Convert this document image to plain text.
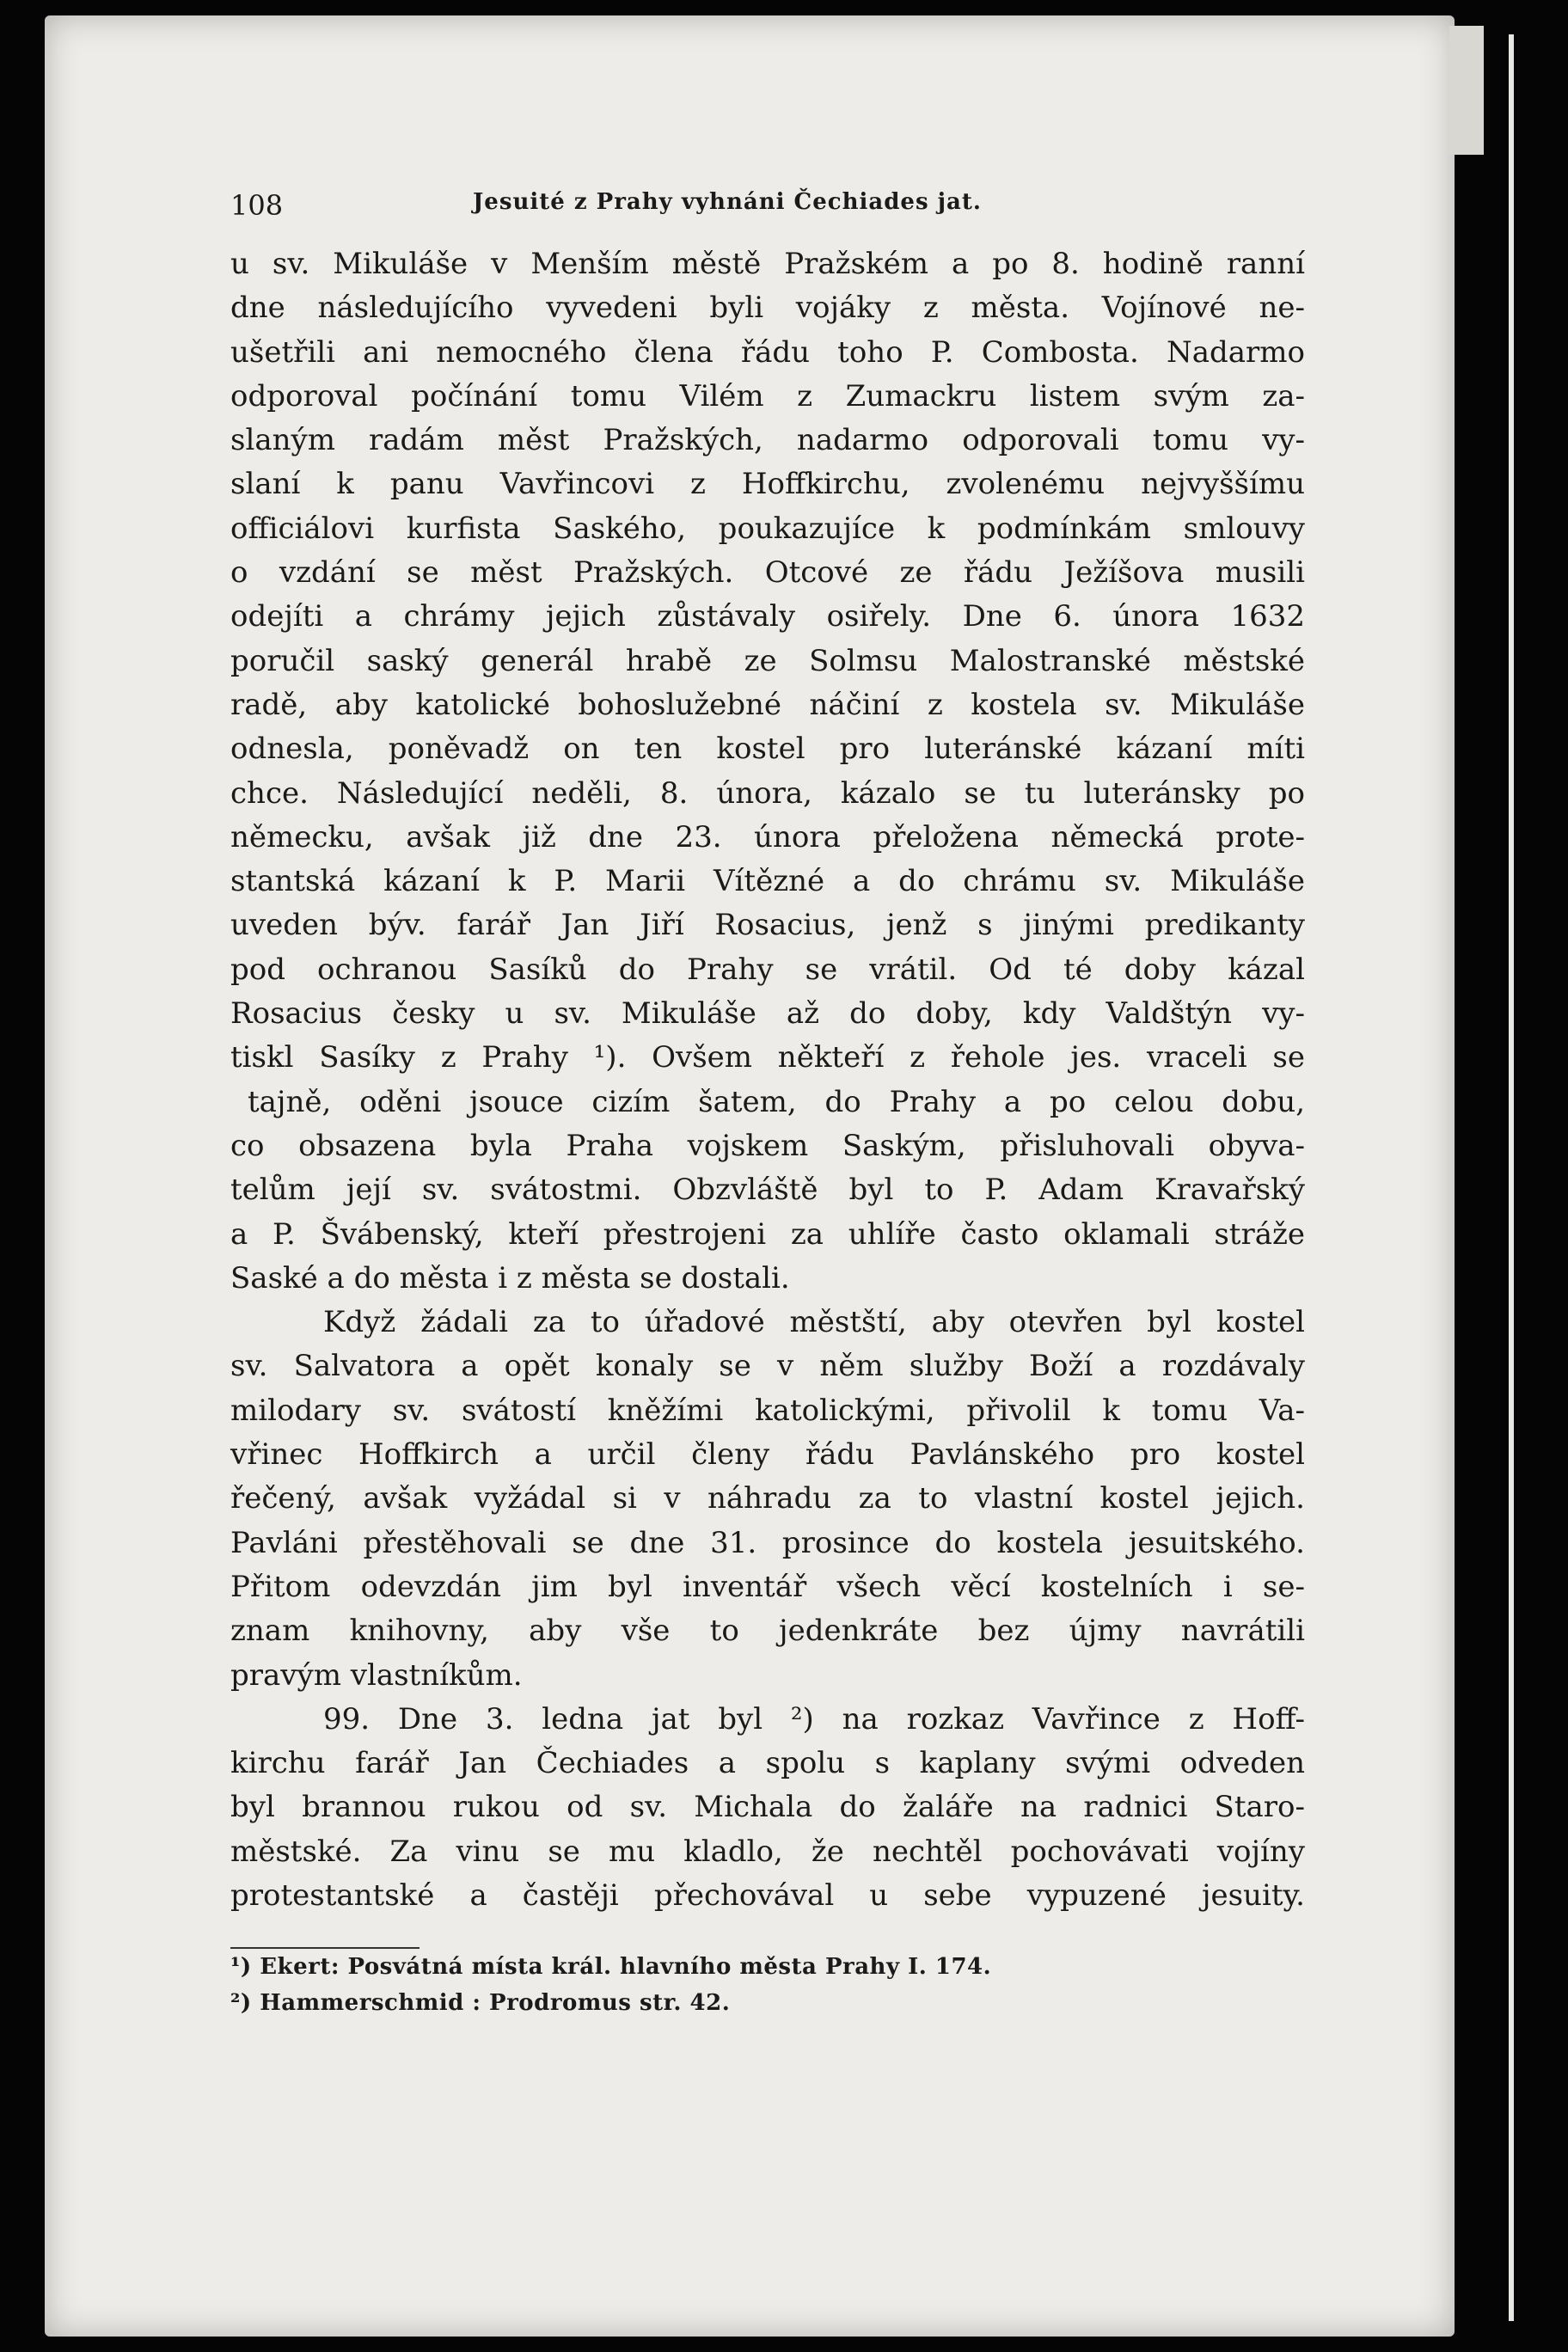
108	Jesuité z Prahy vyhnáni Čechiades jat.
u sv. Mikuláše v Menším městě Pražském a po 8. hodině ranní
dne následujícího vyvedeni byli vojáky z města. Vojínové ne-
ušetřili ani nemocného člena řádu toho P. Combosta. Nadarmo
odporoval počínání tomu Vilém z Zumackru listem svým za-
slaným radám měst Pražských, nadarmo odporovali tomu vy-
slaní k panu Vavřincovi z Hoffkirchu, zvolenému nejvyššímu
officiálovi kurfista Saského, poukazujíce k podmínkám smlouvy
o vzdání se měst Pražských. Otcové ze řádu Ježíšova musili
odejíti a chrámy jejich zůstávaly osiřely. Dne 6. února 1632
poručil saský generál hrabě ze Solmsu Malostranské městské
radě, aby katolické bohoslužebné náčiní z kostela sv. Mikuláše
odnesla, poněvadž on ten kostel pro luteránské kázaní míti
chce. Následující neděli, 8. února, kázalo se tu luteránsky po
německu, avšak již dne 23. února přeložena německá prote-
stantská kázaní k P. Marii Vítězné a do chrámu sv. Mikuláše
uveden býv. farář Jan Jiří Rosacius, jenž s jinými predikanty
pod ochranou Sasíků do Prahy se vrátil. Od té doby kázal
Rosacius česky u sv. Mikuláše až do doby, kdy Valdštýn vy-
tiskl Sasíky z Prahy ¹). Ovšem někteří z řehole jes. vraceli se
tajně, oděni jsouce cizím šatem, do Prahy a po celou dobu,
co obsazena byla Praha vojskem Saským, přisluhovali obyva-
telům její sv. svátostmi. Obzvláště byl to P. Adam Kravařský
a P. Švábenský, kteří přestrojeni za uhlíře často oklamali stráže
Saské a do města i z města se dostali.
Když žádali za to úřadové městští, aby otevřen byl kostel
sv. Salvatora a opět konaly se v něm služby Boží a rozdávaly
milodary sv. svátostí kněžími katolickými, přivolil k tomu Va-
vřinec Hoffkirch a určil členy řádu Pavlánského pro kostel
řečený, avšak vyžádal si v náhradu za to vlastní kostel jejich.
Pavláni přestěhovali se dne 31. prosince do kostela jesuitského.
Přitom odevzdán jim byl inventář všech věcí kostelních i se-
znam knihovny, aby vše to jedenkráte bez újmy navrátili
pravým vlastníkům.
99. Dne 3. ledna jat byl ²) na rozkaz Vavřince z Hoff-
kirchu farář Jan Čechiades a spolu s kaplany svými odveden
byl brannou rukou od sv. Michala do žaláře na radnici Staro-
městské. Za vinu se mu kladlo, že nechtěl pochovávati vojíny
protestantské a častěji přechovával u sebe vypuzené jesuity.
¹) Ekert: Posvátná místa král. hlavního města Prahy I. 174.
²) Hammerschmid : Prodromus str. 42.
